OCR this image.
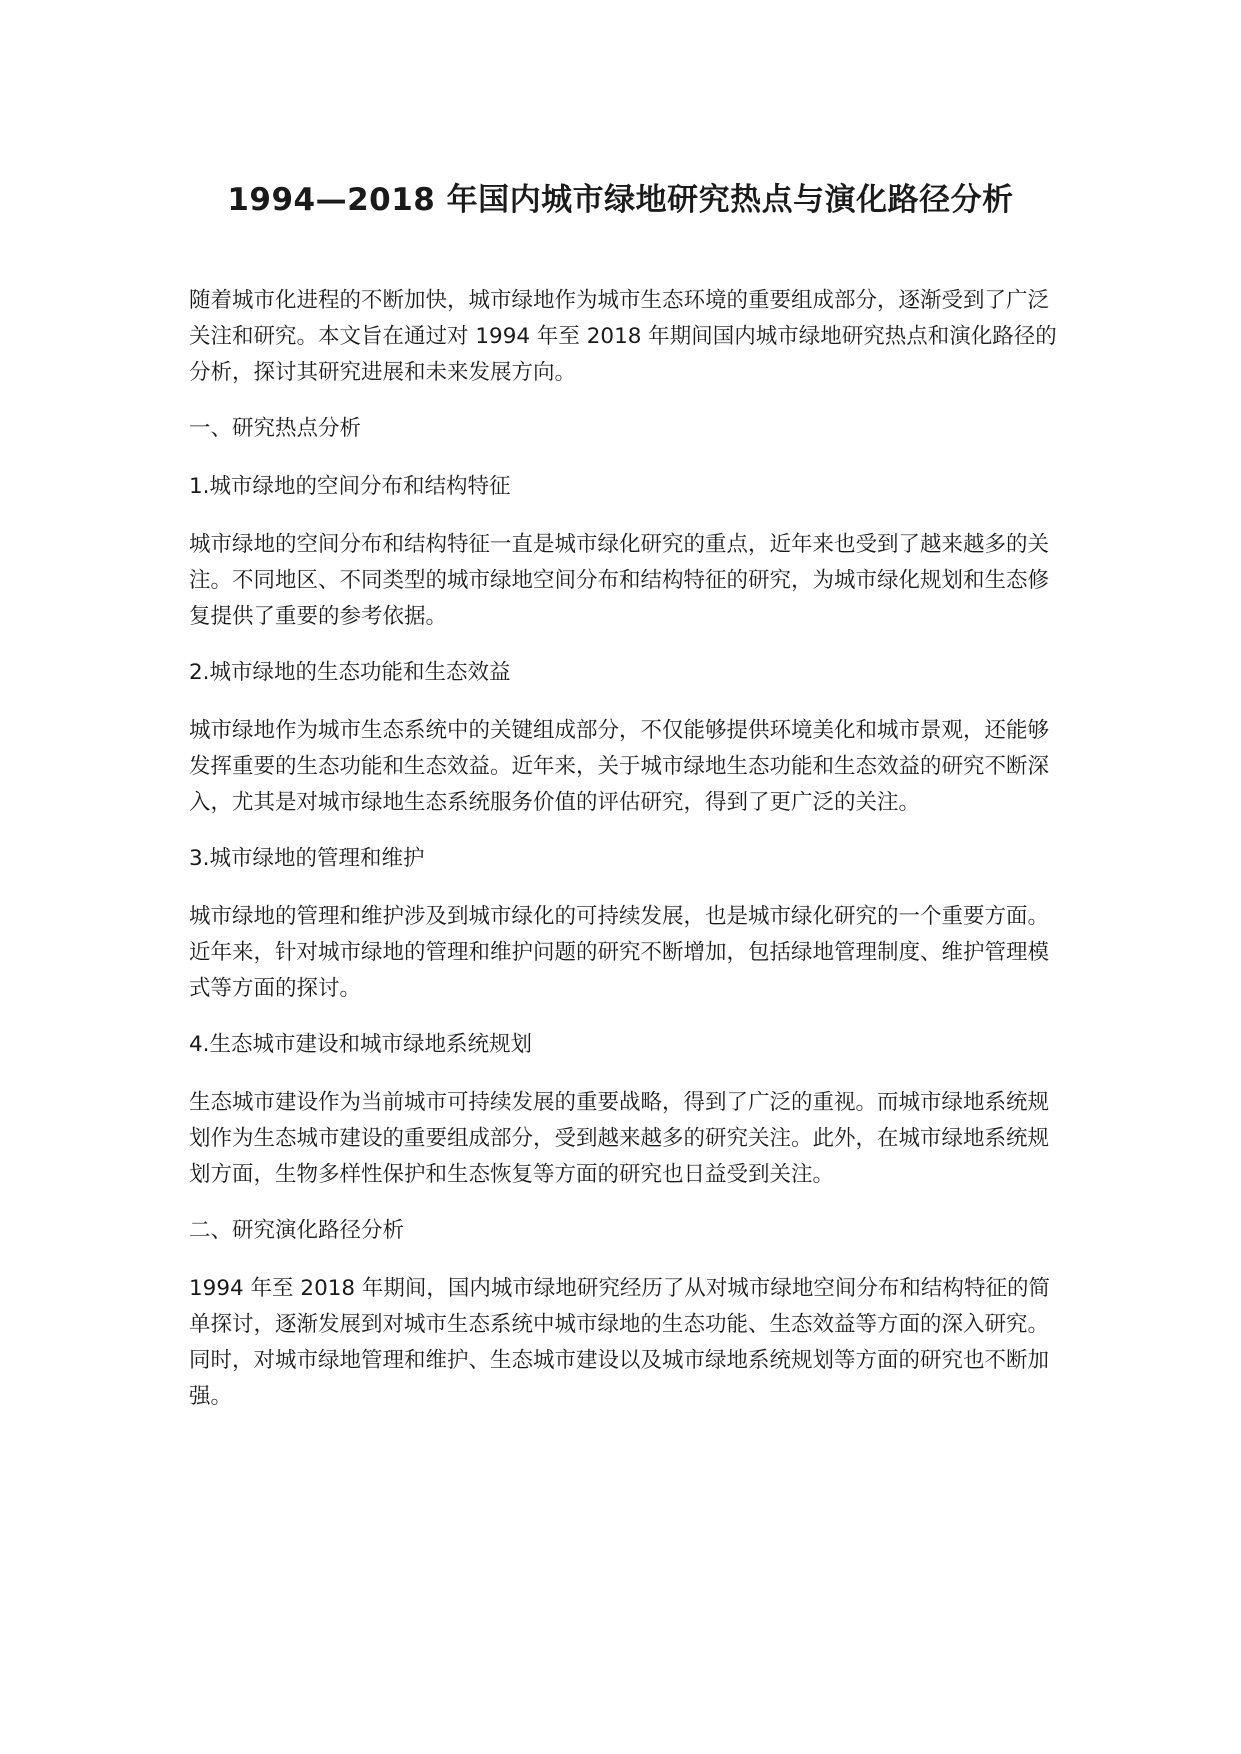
1994—2018 年国内城市绿地研究热点与演化路径分析

随着城市化进程的不断加快，城市绿地作为城市生态环境的重要组成部分，逐渐受到了广泛关注和研究。本文旨在通过对 1994 年至 2018 年期间国内城市绿地研究热点和演化路径的分析，探讨其研究进展和未来发展方向。

一、研究热点分析

1.城市绿地的空间分布和结构特征

城市绿地的空间分布和结构特征一直是城市绿化研究的重点，近年来也受到了越来越多的关注。不同地区、不同类型的城市绿地空间分布和结构特征的研究，为城市绿化规划和生态修复提供了重要的参考依据。

2.城市绿地的生态功能和生态效益

城市绿地作为城市生态系统中的关键组成部分，不仅能够提供环境美化和城市景观，还能够发挥重要的生态功能和生态效益。近年来，关于城市绿地生态功能和生态效益的研究不断深入，尤其是对城市绿地生态系统服务价值的评估研究，得到了更广泛的关注。

3.城市绿地的管理和维护

城市绿地的管理和维护涉及到城市绿化的可持续发展，也是城市绿化研究的一个重要方面。近年来，针对城市绿地的管理和维护问题的研究不断增加，包括绿地管理制度、维护管理模式等方面的探讨。

4.生态城市建设和城市绿地系统规划

生态城市建设作为当前城市可持续发展的重要战略，得到了广泛的重视。而城市绿地系统规划作为生态城市建设的重要组成部分，受到越来越多的研究关注。此外，在城市绿地系统规划方面，生物多样性保护和生态恢复等方面的研究也日益受到关注。

二、研究演化路径分析

1994 年至 2018 年期间，国内城市绿地研究经历了从对城市绿地空间分布和结构特征的简单探讨，逐渐发展到对城市生态系统中城市绿地的生态功能、生态效益等方面的深入研究。同时，对城市绿地管理和维护、生态城市建设以及城市绿地系统规划等方面的研究也不断加强。
